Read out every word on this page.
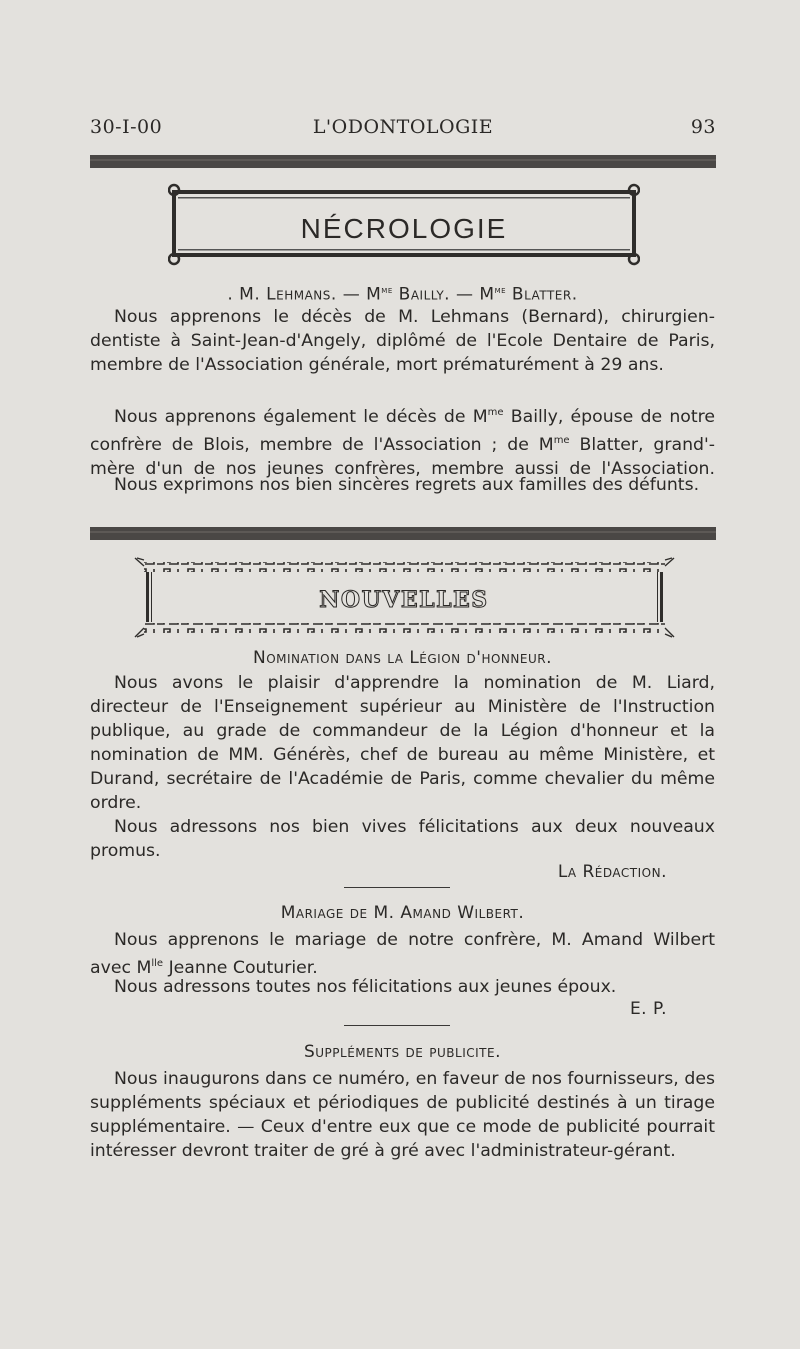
30-I-00	L'ODONTOLOGIE	93
NÉCROLOGIE
. M. Lehmans. — $M^{me}$ Bailly. — $M^{me}$ Blatter.
Nous apprenons le décès de M. Lehmans (Bernard), chirurgien-dentiste à Saint-Jean-d'Angely, diplômé de l'Ecole Dentaire de Paris, membre de l'Association générale, mort prématurément à 29 ans.
Nous apprenons également le décès de $M^{me}$ Bailly, épouse de notre confrère de Blois, membre de l'Association ; de $M^{me}$ Blatter, grand'-mère d'un de nos jeunes confrères, membre aussi de l'Association.
Nous exprimons nos bien sincères regrets aux familles des défunts.
NOUVELLES
Nomination dans la Légion d'honneur.
Nous avons le plaisir d'apprendre la nomination de M. Liard, directeur de l'Enseignement supérieur au Ministère de l'Instruction publique, au grade de commandeur de la Légion d'honneur et la nomination de MM. Générès, chef de bureau au même Ministère, et Durand, secrétaire de l'Académie de Paris, comme chevalier du même ordre.
Nous adressons nos bien vives félicitations aux deux nouveaux promus.
La Rédaction.
Mariage de M. Amand Wilbert.
Nous apprenons le mariage de notre confrère, M. Amand Wilbert avec $M^{lle}$ Jeanne Couturier.
Nous adressons toutes nos félicitations aux jeunes époux.
E. P.
Suppléments de publicite.
Nous inaugurons dans ce numéro, en faveur de nos fournisseurs, des suppléments spéciaux et périodiques de publicité destinés à un tirage supplémentaire. — Ceux d'entre eux que ce mode de publicité pourrait intéresser devront traiter de gré à gré avec l'administrateur-gérant.
